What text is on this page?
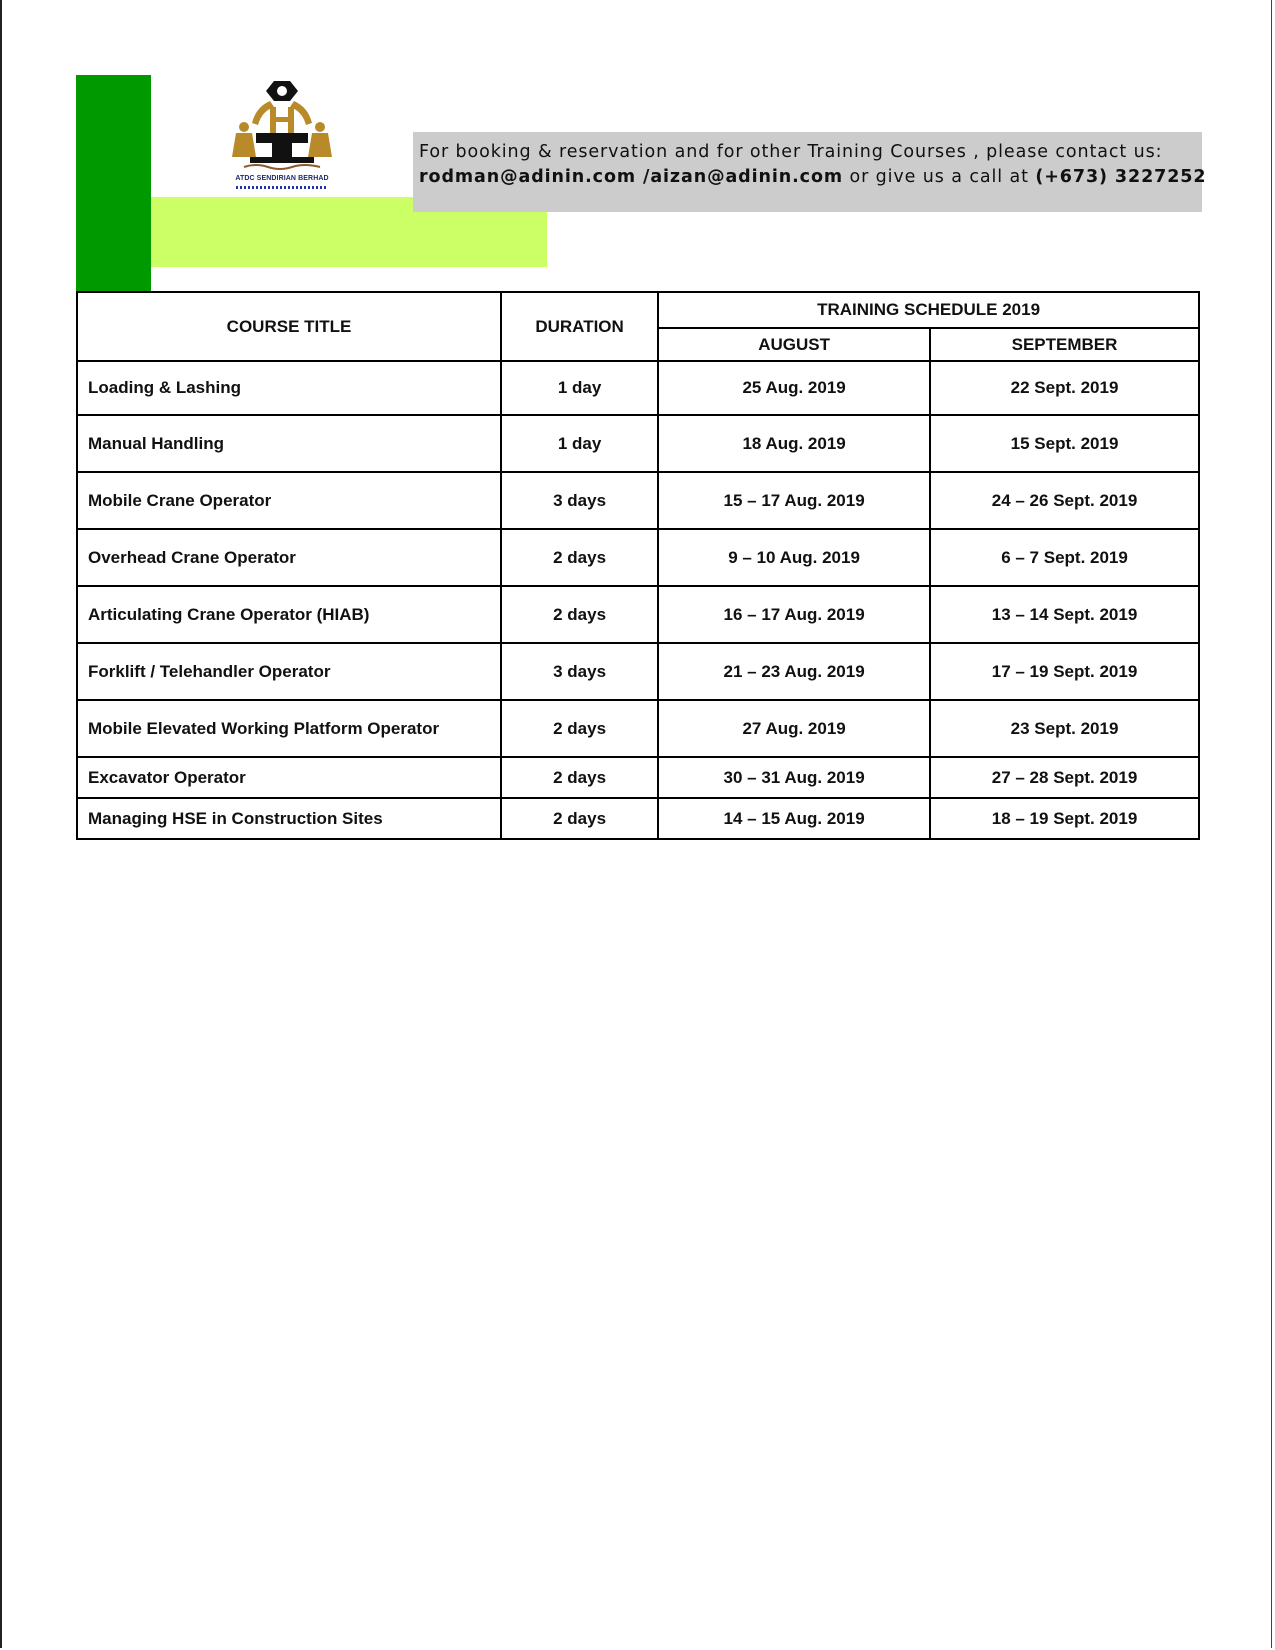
ATDC SENDIRIAN BERHAD
For booking & reservation and for other Training Courses , please contact us:
rodman@adinin.com /aizan@adinin.com or give us a call at (+673) 3227252
COURSE TITLE	DURATION	TRAINING SCHEDULE 2019	
		AUGUST	SEPTEMBER
Loading & Lashing	1 day	25 Aug. 2019	22 Sept. 2019
Manual Handling	1 day	18 Aug. 2019	15 Sept. 2019
Mobile Crane Operator	3 days	15 – 17 Aug. 2019	24 – 26 Sept. 2019
Overhead Crane Operator	2 days	9 – 10 Aug. 2019	6 – 7 Sept. 2019
Articulating Crane Operator (HIAB)	2 days	16 – 17 Aug. 2019	13 – 14 Sept. 2019
Forklift / Telehandler Operator	3 days	21 – 23 Aug. 2019	17 – 19 Sept. 2019
Mobile Elevated Working Platform Operator	2 days	27 Aug. 2019	23 Sept. 2019
Excavator Operator	2 days	30 – 31 Aug. 2019	27 – 28 Sept. 2019
Managing HSE in Construction Sites	2 days	14 – 15 Aug. 2019	18 – 19 Sept. 2019
